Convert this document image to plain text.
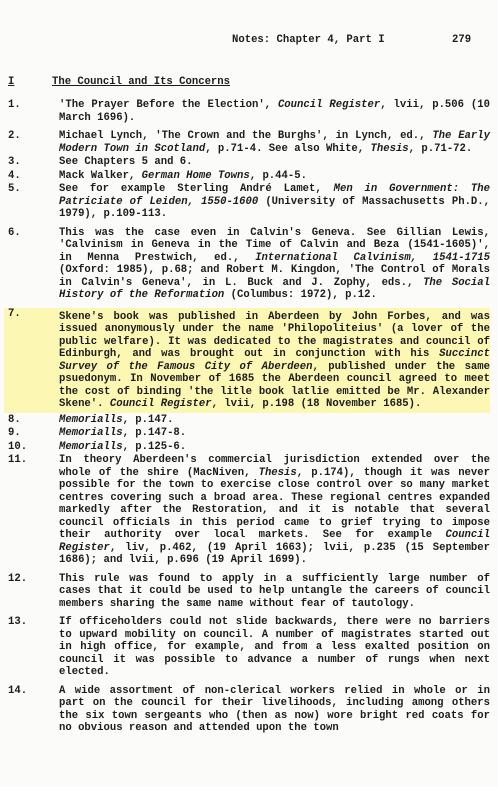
Notes: Chapter 4, Part I	279
I	The Council and Its Concerns
1.	'The Prayer Before the Election', Council Register, lvii, p.506 (10 March 1696).
2.	Michael Lynch, 'The Crown and the Burghs', in Lynch, ed., The Early Modern Town in Scotland, p.71-4. See also White, Thesis, p.71-72.
3.	See Chapters 5 and 6.
4.	Mack Walker, German Home Towns, p.44-5.
5.	See for example Sterling André Lamet, Men in Government: The Patriciate of Leiden, 1550-1600 (University of Massachusetts Ph.D., 1979), p.109-113.
6.	This was the case even in Calvin's Geneva. See Gillian Lewis, 'Calvinism in Geneva in the Time of Calvin and Beza (1541-1605)', in Menna Prestwich, ed., International Calvinism, 1541-1715 (Oxford: 1985), p.68; and Robert M. Kingdon, 'The Control of Morals in Calvin's Geneva', in L. Buck and J. Zophy, eds., The Social History of the Reformation (Columbus: 1972), p.12.
7.	Skene's book was published in Aberdeen by John Forbes, and was issued anonymously under the name 'Philopoliteius' (a lover of the public welfare). It was dedicated to the magistrates and council of Edinburgh, and was brought out in conjunction with his Succinct Survey of the Famous City of Aberdeen, published under the same psuedonym. In November of 1685 the Aberdeen council agreed to meet the cost of binding 'the litle book latlie emitted be Mr. Alexander Skene'. Council Register, lvii, p.198 (18 November 1685).
8.	Memorialls, p.147.
9.	Memorialls, p.147-8.
10.	Memorialls, p.125-6.
11.	In theory Aberdeen's commercial jurisdiction extended over the whole of the shire (MacNiven, Thesis, p.174), though it was never possible for the town to exercise close control over so many market centres covering such a broad area. These regional centres expanded markedly after the Restoration, and it is notable that several council officials in this period came to grief trying to impose their authority over local markets. See for example Council Register, liv, p.462, (19 April 1663); lvii, p.235 (15 September 1686); and lvii, p.696 (19 April 1699).
12.	This rule was found to apply in a sufficiently large number of cases that it could be used to help untangle the careers of council members sharing the same name without fear of tautology.
13.	If officeholders could not slide backwards, there were no barriers to upward mobility on council. A number of magistrates started out in high office, for example, and from a less exalted position on council it was possible to advance a number of rungs when next elected.
14.	A wide assortment of non-clerical workers relied in whole or in part on the council for their livelihoods, including among others the six town sergeants who (then as now) wore bright red coats for no obvious reason and attended upon the town
